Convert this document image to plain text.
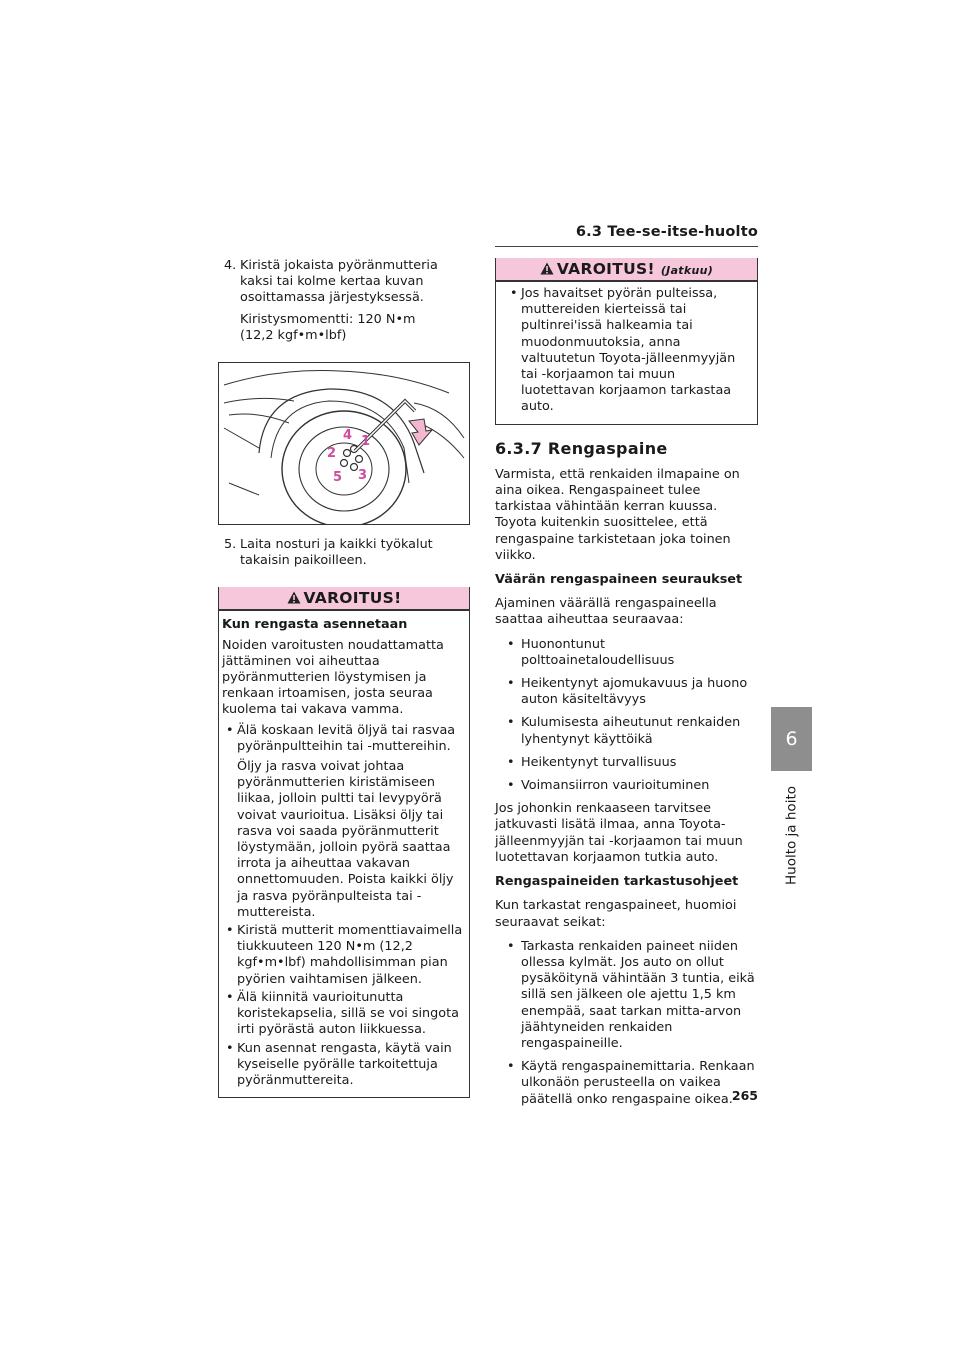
6.3 Tee-se-itse-huolto
6
Huolto ja hoito
4. Kiristä jokaista pyöränmutteria kaksi tai kolme kertaa kuvan osoittamassa järjestyksessä.

Kiristysmomentti: 120 N•m

(12,2 kgf•m•lbf)

1
2
3
4
5
5. Laita nosturi ja kaikki työkalut takaisin paikoilleen.

VAROITUS!

Kun rengasta asennetaan

Noiden varoitusten noudattamatta jättäminen voi aiheuttaa pyöränmutterien löystymisen ja renkaan irtoamisen, josta seuraa kuolema tai vakava vamma.

• Älä koskaan levitä öljyä tai rasvaa pyöränpultteihin tai -muttereihin.
Öljy ja rasva voivat johtaa pyöränmutterien kiristämiseen liikaa, jolloin pultti tai levypyörä voivat vaurioitua. Lisäksi öljy tai rasva voi saada pyöränmutterit löystymään, jolloin pyörä saattaa irrota ja aiheuttaa vakavan onnettomuuden. Poista kaikki öljy ja rasva pyöränpulteista tai -muttereista.
• Kiristä mutterit momenttiavaimella tiukkuuteen 120 N•m (12,2 kgf•m•lbf) mahdollisimman pian pyörien vaihtamisen jälkeen.
• Älä kiinnitä vaurioitunutta koristekapselia, sillä se voi singota irti pyörästä auton liikkuessa.
• Kun asennat rengasta, käytä vain kyseiselle pyörälle tarkoitettuja pyöränmuttereita.
VAROITUS! (Jatkuu)
• Jos havaitset pyörän pulteissa, muttereiden kierteissä tai pultinrei'issä halkeamia tai muodonmuutoksia, anna valtuutetun Toyota-jälleenmyyjän tai -korjaamon tai muun luotettavan korjaamon tarkastaa auto.
6.3.7 Rengaspaine

Varmista, että renkaiden ilmapaine on aina oikea. Rengaspaineet tulee tarkistaa vähintään kerran kuussa. Toyota kuitenkin suosittelee, että rengaspaine tarkistetaan joka toinen viikko.

Väärän rengaspaineen seuraukset

Ajaminen väärällä rengaspaineella saattaa aiheuttaa seuraavaa:

• Huonontunut polttoainetaloudellisuus
• Heikentynyt ajomukavuus ja huono auton käsiteltävyys
• Kulumisesta aiheutunut renkaiden lyhentynyt käyttöikä
• Heikentynyt turvallisuus
• Voimansiirron vaurioituminen

Jos johonkin renkaaseen tarvitsee jatkuvasti lisätä ilmaa, anna Toyota-jälleenmyyjän tai -korjaamon tai muun luotettavan korjaamon tutkia auto.

Rengaspaineiden tarkastusohjeet

Kun tarkastat rengaspaineet, huomioi seuraavat seikat:

• Tarkasta renkaiden paineet niiden ollessa kylmät. Jos auto on ollut pysäköitynä vähintään 3 tuntia, eikä sillä sen jälkeen ole ajettu 1,5 km enempää, saat tarkan mitta-arvon jäähtyneiden renkaiden rengaspaineille.
• Käytä rengaspainemittaria. Renkaan ulkonäön perusteella on vaikea päätellä onko rengaspaine oikea. 265
